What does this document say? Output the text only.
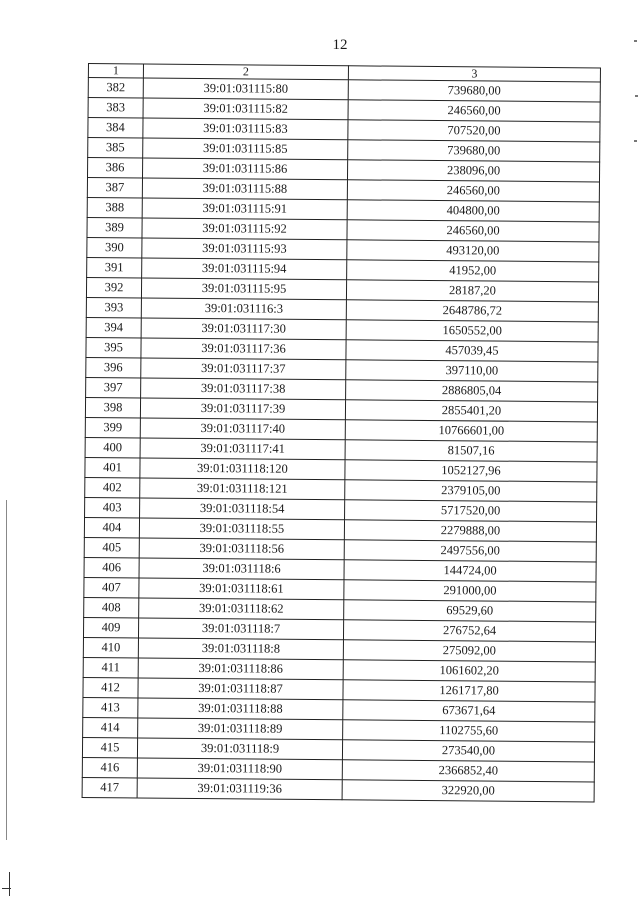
12
1	2	3
382	39:01:031115:80	739680,00
383	39:01:031115:82	246560,00
384	39:01:031115:83	707520,00
385	39:01:031115:85	739680,00
386	39:01:031115:86	238096,00
387	39:01:031115:88	246560,00
388	39:01:031115:91	404800,00
389	39:01:031115:92	246560,00
390	39:01:031115:93	493120,00
391	39:01:031115:94	41952,00
392	39:01:031115:95	28187,20
393	39:01:031116:3	2648786,72
394	39:01:031117:30	1650552,00
395	39:01:031117:36	457039,45
396	39:01:031117:37	397110,00
397	39:01:031117:38	2886805,04
398	39:01:031117:39	2855401,20
399	39:01:031117:40	10766601,00
400	39:01:031117:41	81507,16
401	39:01:031118:120	1052127,96
402	39:01:031118:121	2379105,00
403	39:01:031118:54	5717520,00
404	39:01:031118:55	2279888,00
405	39:01:031118:56	2497556,00
406	39:01:031118:6	144724,00
407	39:01:031118:61	291000,00
408	39:01:031118:62	69529,60
409	39:01:031118:7	276752,64
410	39:01:031118:8	275092,00
411	39:01:031118:86	1061602,20
412	39:01:031118:87	1261717,80
413	39:01:031118:88	673671,64
414	39:01:031118:89	1102755,60
415	39:01:031118:9	273540,00
416	39:01:031118:90	2366852,40
417	39:01:031119:36	322920,00
